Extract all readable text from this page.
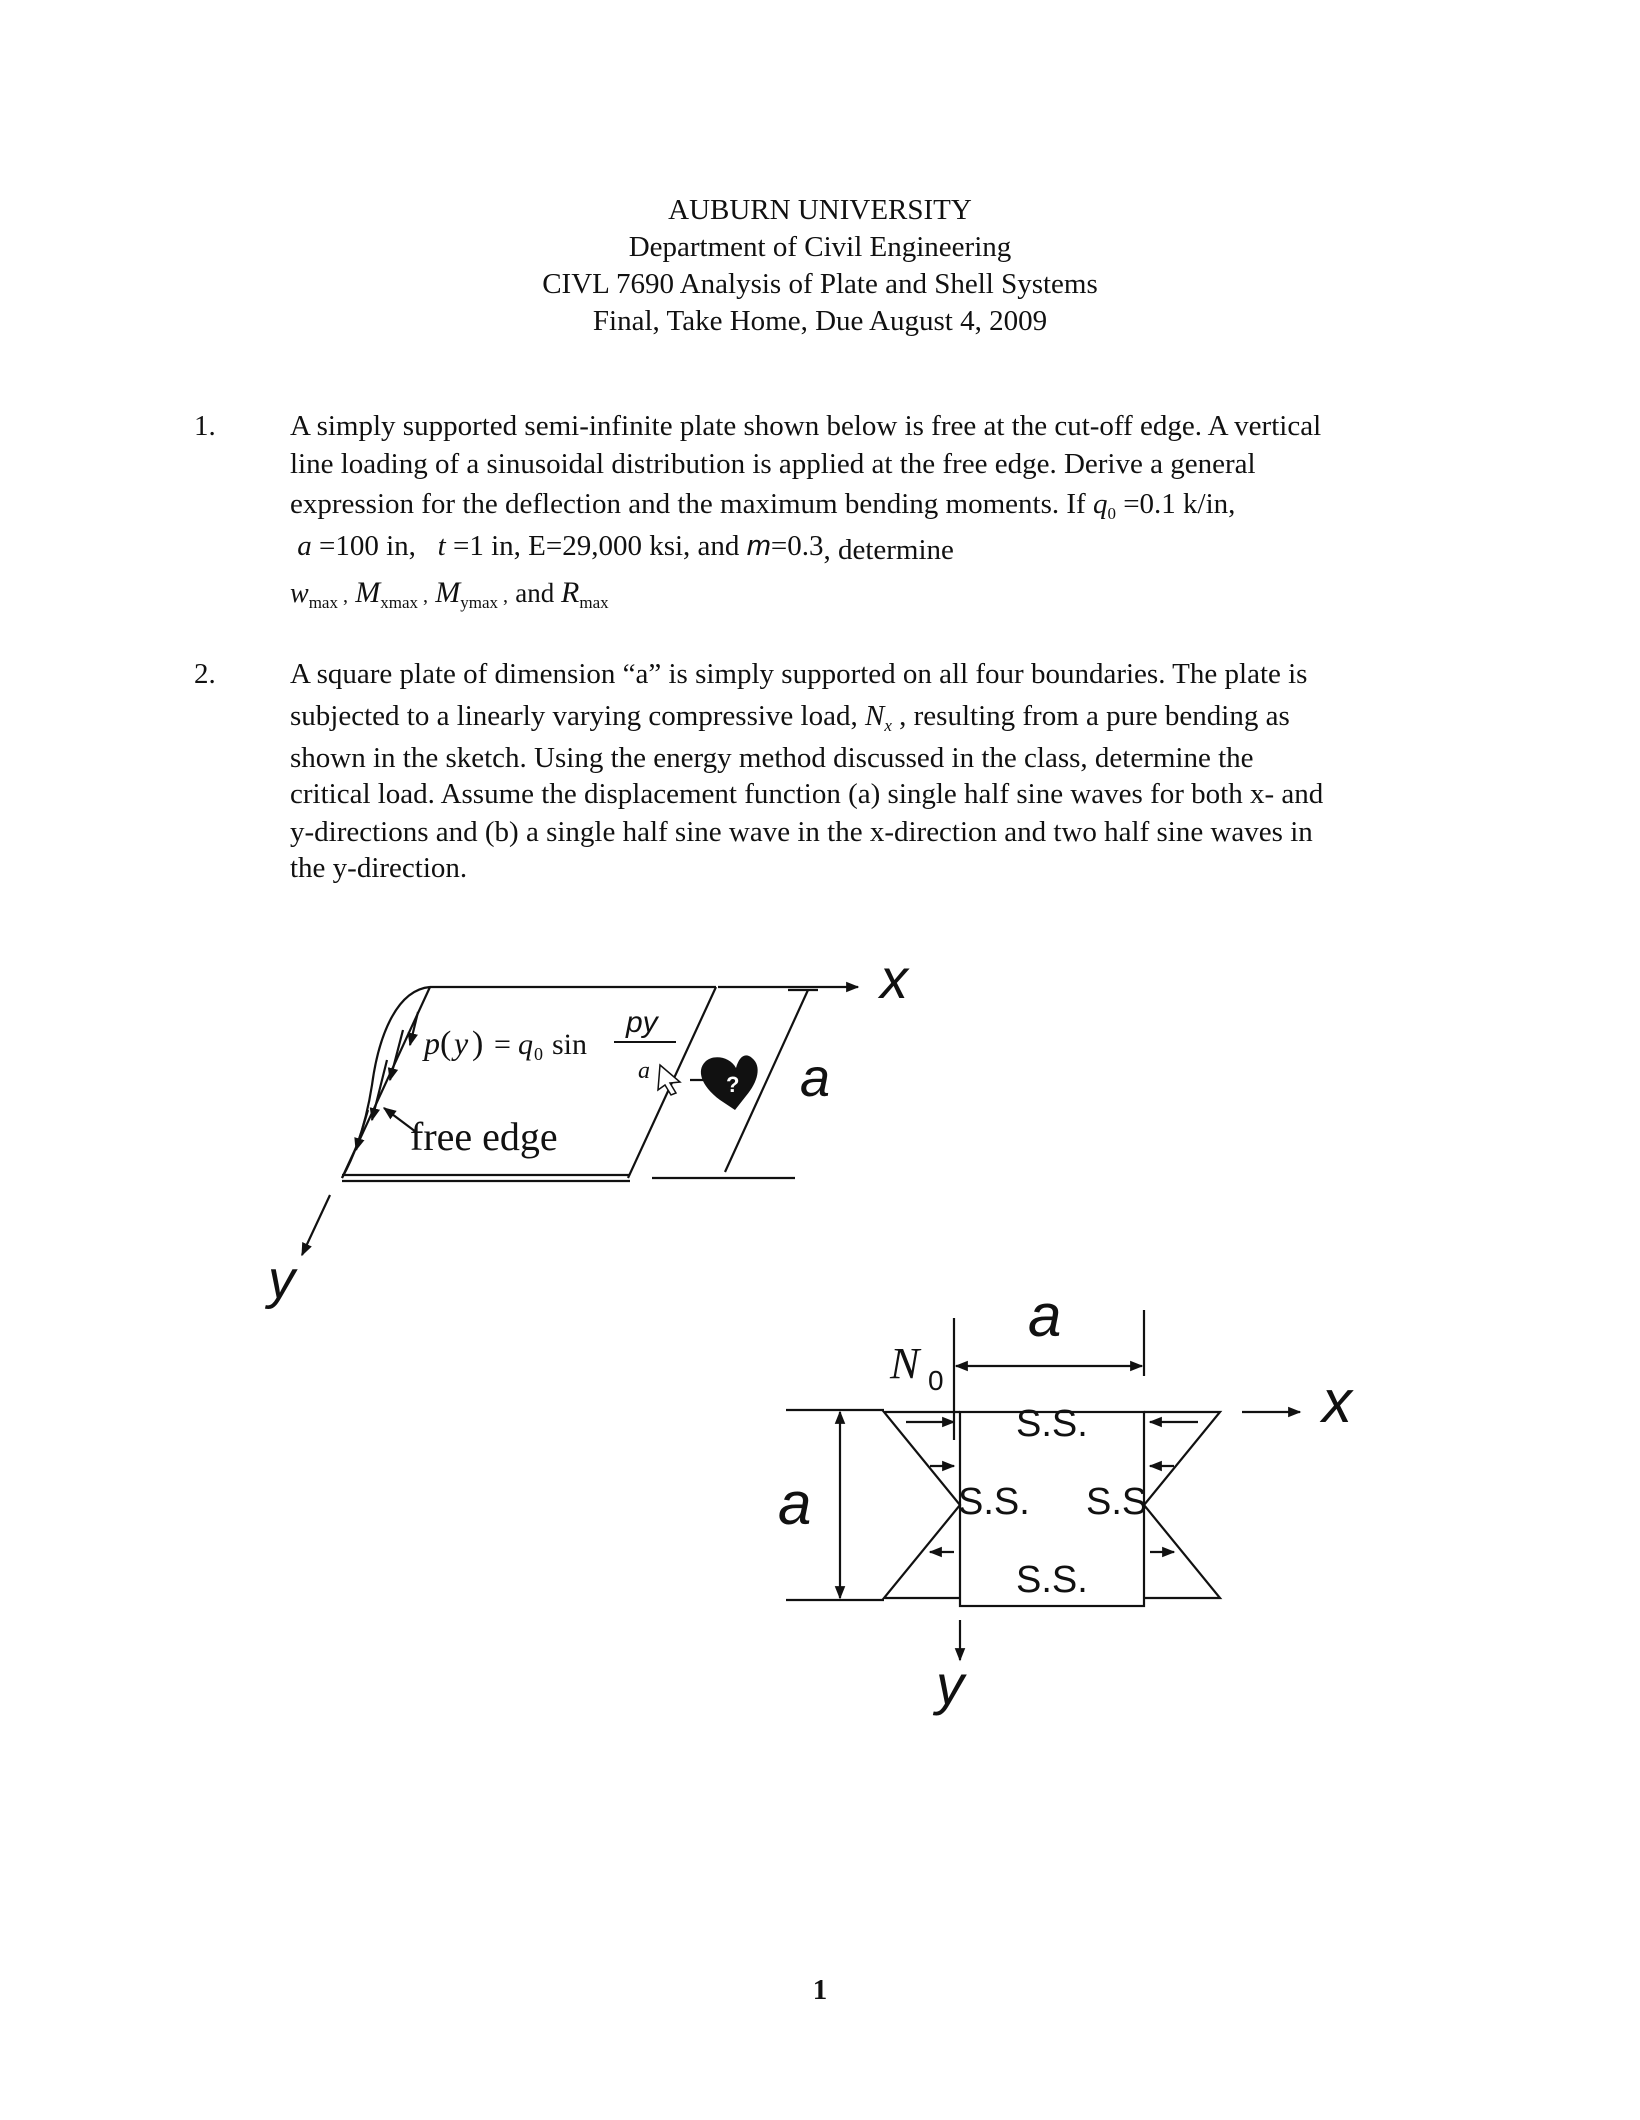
AUBURN UNIVERSITY
Department of Civil Engineering
CIVL 7690 Analysis of Plate and Shell Systems
Final, Take Home, Due August 4, 2009
1.	A simply supported semi-infinite plate shown below is free at the cut-off edge. A vertical
line loading of a sinusoidal distribution is applied at the free edge. Derive a general
expression for the deflection and the maximum bending moments. If $q_0 =0.1$ k/in,
a =100 in, t =1 in, E=29,000 ksi, and $m=0.3_{, determine}$
$w_{max}$ , $M_{xmax}$ , $M_{ymax}$ , and $R_{max}$
2.	A square plate of dimension “a” is simply supported on all four boundaries. The plate is
subjected to a linearly varying compressive load, $N_x$ , resulting from a pure bending as
shown in the sketch. Using the energy method discussed in the class, determine the
critical load. Assume the displacement function (a) single half sine waves for both x- and
y-directions and (b) a single half sine wave in the x-direction and two half sine waves in
the y-direction.
?
p ( y ) = q 0 sin
py
a
free edge
x
y
a
a
a
N 0
S.S.
S.S. S.S
S.S.
x
y
1
